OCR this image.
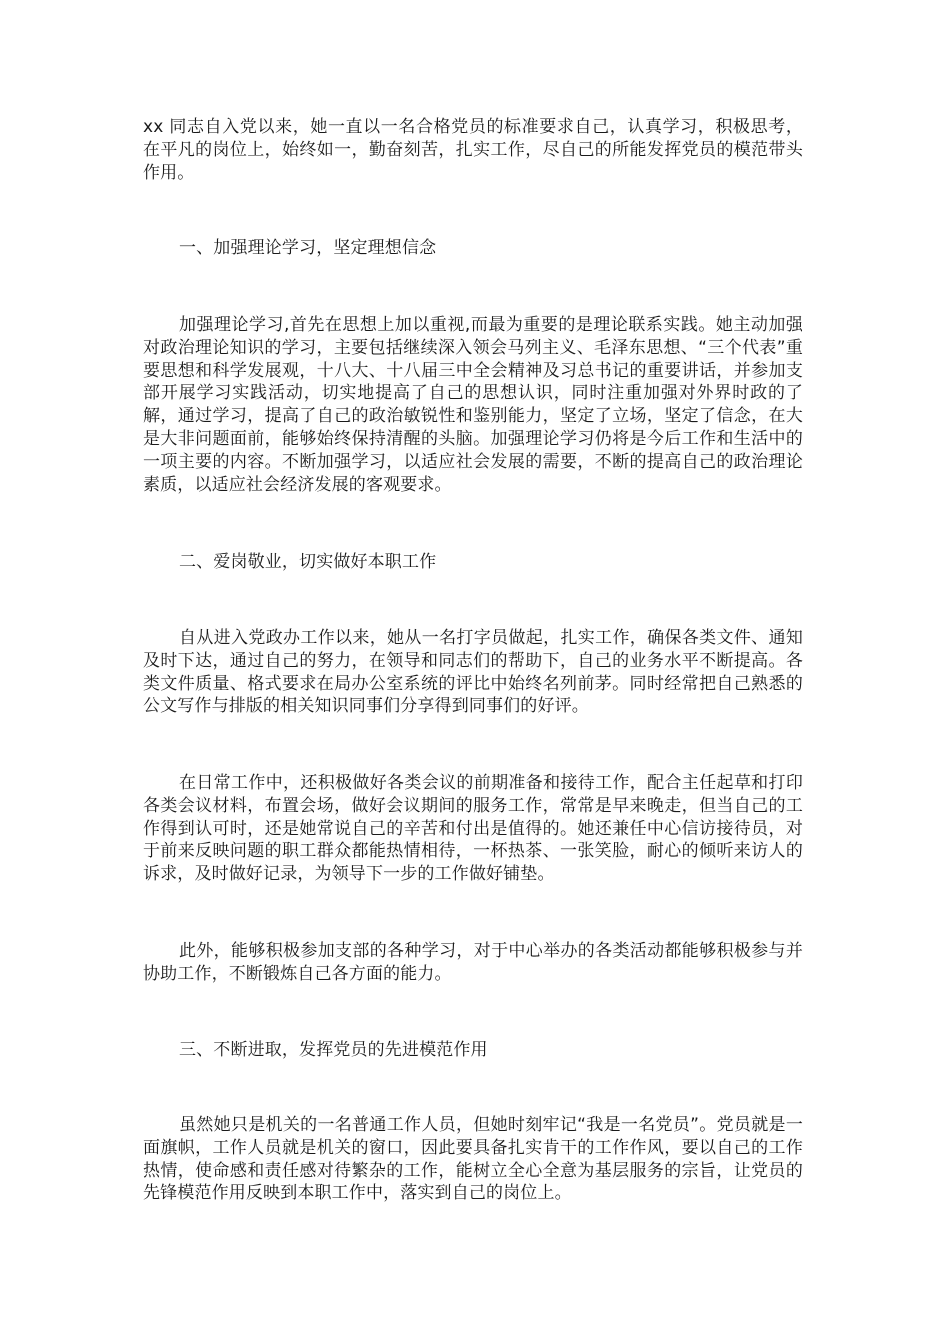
xx 同志自入党以来，她一直以一名合格党员的标准要求自己，认真学习，积极思考，在平凡的岗位上，始终如一，勤奋刻苦，扎实工作，尽自己的所能发挥党员的模范带头作用。

一、加强理论学习，坚定理想信念

加强理论学习,首先在思想上加以重视,而最为重要的是理论联系实践。她主动加强对政治理论知识的学习，主要包括继续深入领会马列主义、毛泽东思想、“三个代表”重要思想和科学发展观，十八大、十八届三中全会精神及习总书记的重要讲话，并参加支部开展学习实践活动，切实地提高了自己的思想认识，同时注重加强对外界时政的了解，通过学习，提高了自己的政治敏锐性和鉴别能力，坚定了立场，坚定了信念，在大是大非问题面前，能够始终保持清醒的头脑。加强理论学习仍将是今后工作和生活中的一项主要的内容。不断加强学习，以适应社会发展的需要，不断的提高自己的政治理论素质，以适应社会经济发展的客观要求。

二、爱岗敬业，切实做好本职工作

自从进入党政办工作以来，她从一名打字员做起，扎实工作，确保各类文件、通知及时下达，通过自己的努力，在领导和同志们的帮助下，自己的业务水平不断提高。各类文件质量、格式要求在局办公室系统的评比中始终名列前茅。同时经常把自己熟悉的公文写作与排版的相关知识同事们分享得到同事们的好评。

在日常工作中，还积极做好各类会议的前期准备和接待工作，配合主任起草和打印各类会议材料，布置会场，做好会议期间的服务工作，常常是早来晚走，但当自己的工作得到认可时，还是她常说自己的辛苦和付出是值得的。她还兼任中心信访接待员，对于前来反映问题的职工群众都能热情相待，一杯热茶、一张笑脸，耐心的倾听来访人的诉求，及时做好记录，为领导下一步的工作做好铺垫。

此外，能够积极参加支部的各种学习，对于中心举办的各类活动都能够积极参与并协助工作，不断锻炼自己各方面的能力。

三、不断进取，发挥党员的先进模范作用

虽然她只是机关的一名普通工作人员，但她时刻牢记“我是一名党员”。党员就是一面旗帜，工作人员就是机关的窗口，因此要具备扎实肯干的工作作风，要以自己的工作热情，使命感和责任感对待繁杂的工作，能树立全心全意为基层服务的宗旨，让党员的先锋模范作用反映到本职工作中，落实到自己的岗位上。
